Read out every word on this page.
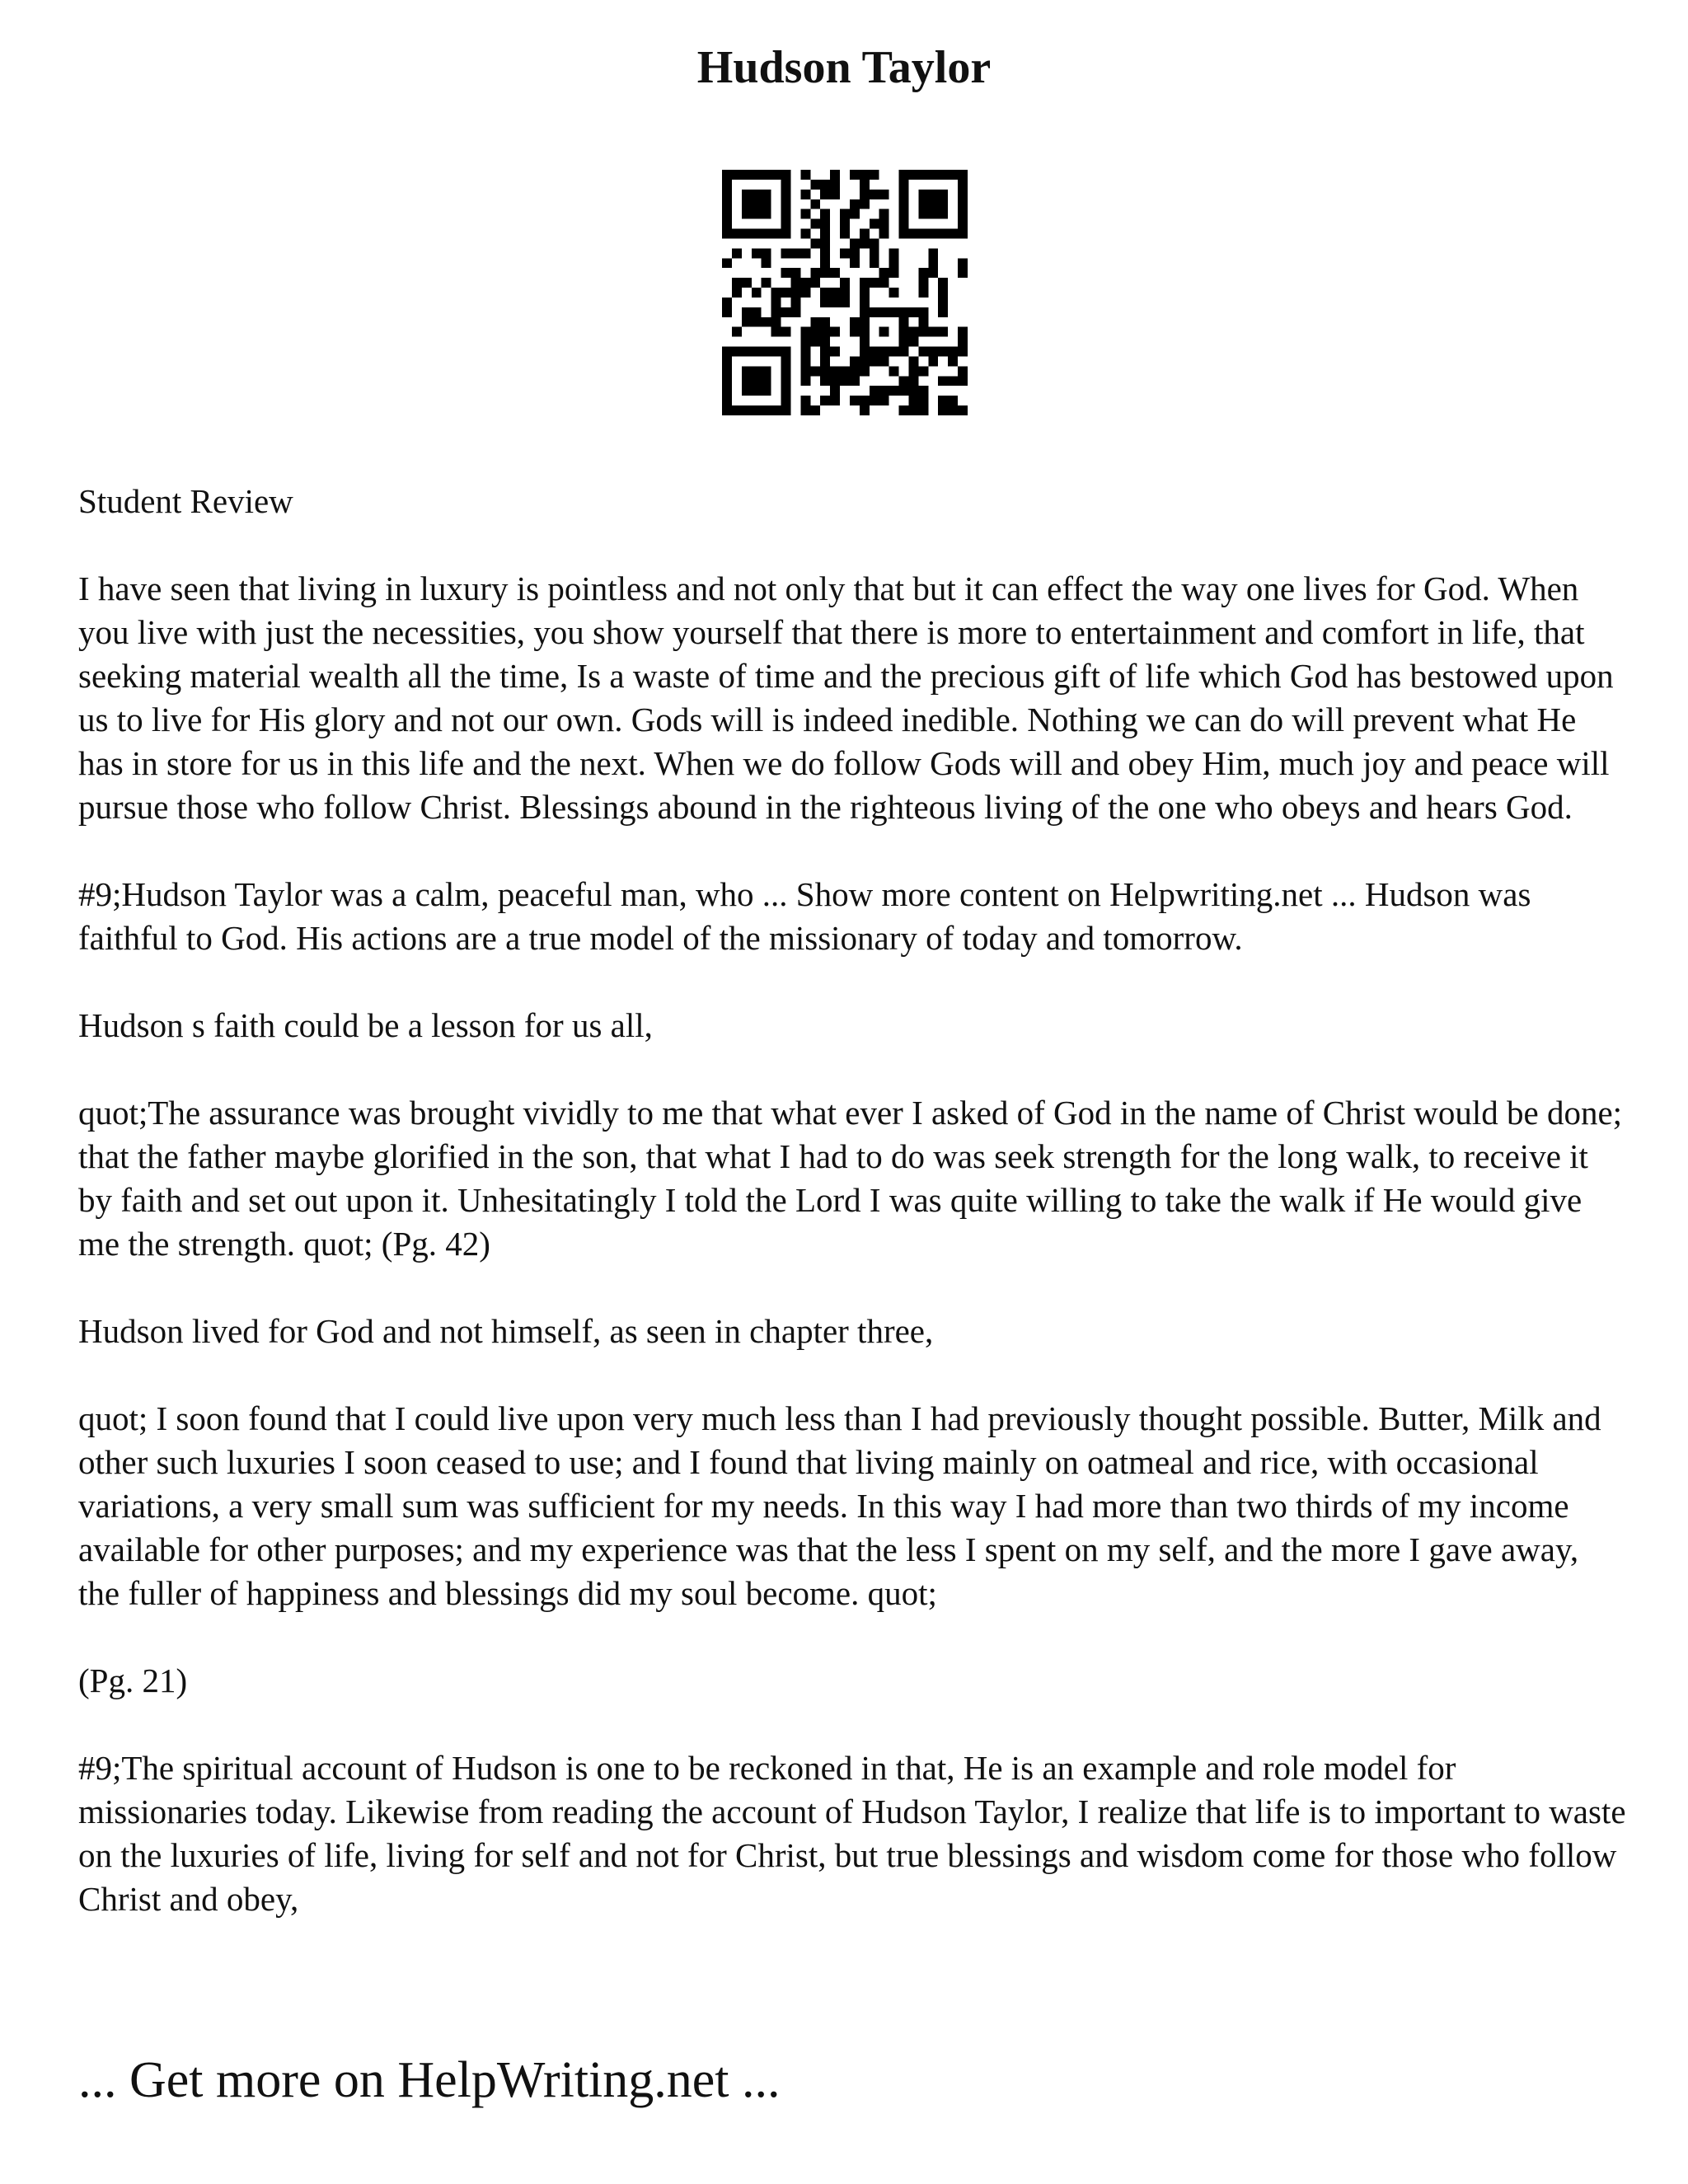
Hudson Taylor

Student Review

I have seen that living in luxury is pointless and not only that but it can effect the way one lives for God. When you live with just the necessities, you show yourself that there is more to entertainment and comfort in life, that seeking material wealth all the time, Is a waste of time and the precious gift of life which God has bestowed upon us to live for His glory and not our own. Gods will is indeed inedible. Nothing we can do will prevent what He has in store for us in this life and the next. When we do follow Gods will and obey Him, much joy and peace will pursue those who follow Christ. Blessings abound in the righteous living of the one who obeys and hears God.

#9;Hudson Taylor was a calm, peaceful man, who ... Show more content on Helpwriting.net ... Hudson was faithful to God. His actions are a true model of the missionary of today and tomorrow.

Hudson s faith could be a lesson for us all,

quot;The assurance was brought vividly to me that what ever I asked of God in the name of Christ would be done; that the father maybe glorified in the son, that what I had to do was seek strength for the long walk, to receive it by faith and set out upon it. Unhesitatingly I told the Lord I was quite willing to take the walk if He would give me the strength. quot; (Pg. 42)

Hudson lived for God and not himself, as seen in chapter three,

quot; I soon found that I could live upon very much less than I had previously thought possible. Butter, Milk and other such luxuries I soon ceased to use; and I found that living mainly on oatmeal and rice, with occasional variations, a very small sum was sufficient for my needs. In this way I had more than two thirds of my income available for other purposes; and my experience was that the less I spent on my self, and the more I gave away, the fuller of happiness and blessings did my soul become. quot;

(Pg. 21)

#9;The spiritual account of Hudson is one to be reckoned in that, He is an example and role model for missionaries today. Likewise from reading the account of Hudson Taylor, I realize that life is to important to waste on the luxuries of life, living for self and not for Christ, but true blessings and wisdom come for those who follow Christ and obey,

... Get more on HelpWriting.net ...
